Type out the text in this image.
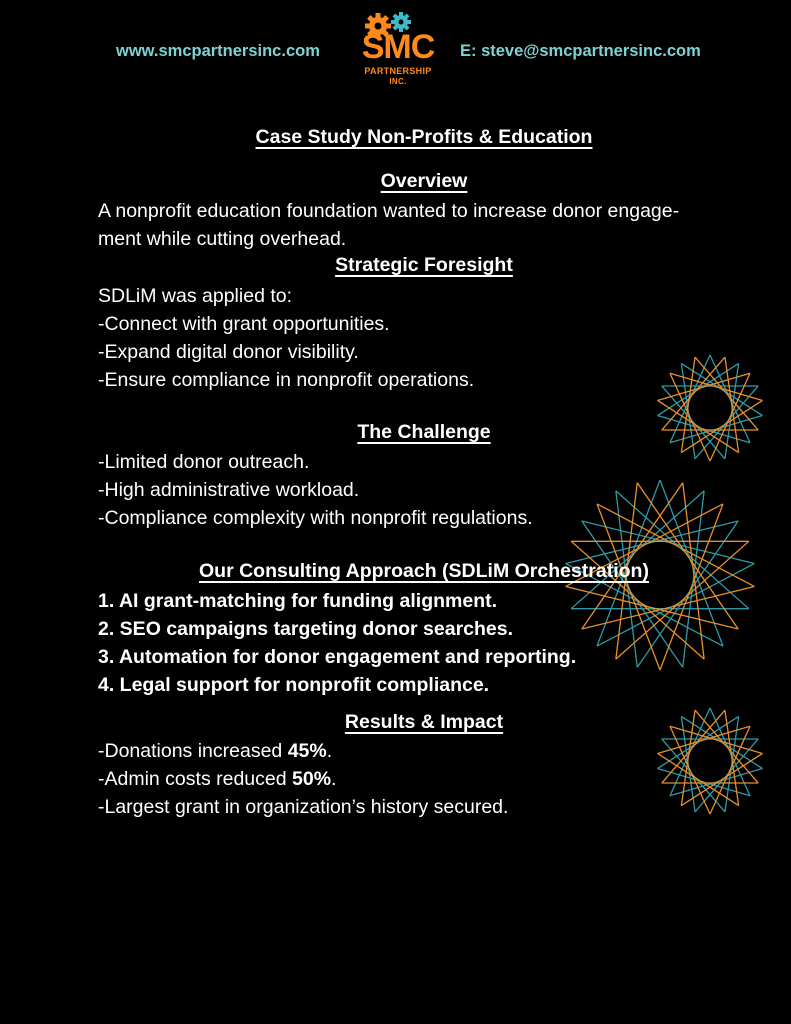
www.smcpartnersinc.com SMC
PARTNERSHIP
INC.
E: steve@smcpartnersinc.com
Case Study Non-Profits & Education
Overview
A nonprofit education foundation wanted to increase donor engage-
ment while cutting overhead.
Strategic Foresight
SDLiM was applied to:
-Connect with grant opportunities.
-Expand digital donor visibility.
-Ensure compliance in nonprofit operations.
The Challenge
-Limited donor outreach.
-High administrative workload.
-Compliance complexity with nonprofit regulations.
Our Consulting Approach (SDLiM Orchestration)
1. AI grant-matching for funding alignment.
2. SEO campaigns targeting donor searches.
3. Automation for donor engagement and reporting.
4. Legal support for nonprofit compliance.
Results & Impact
-Donations increased 45%.
-Admin costs reduced 50%.
-Largest grant in organization’s history secured.
